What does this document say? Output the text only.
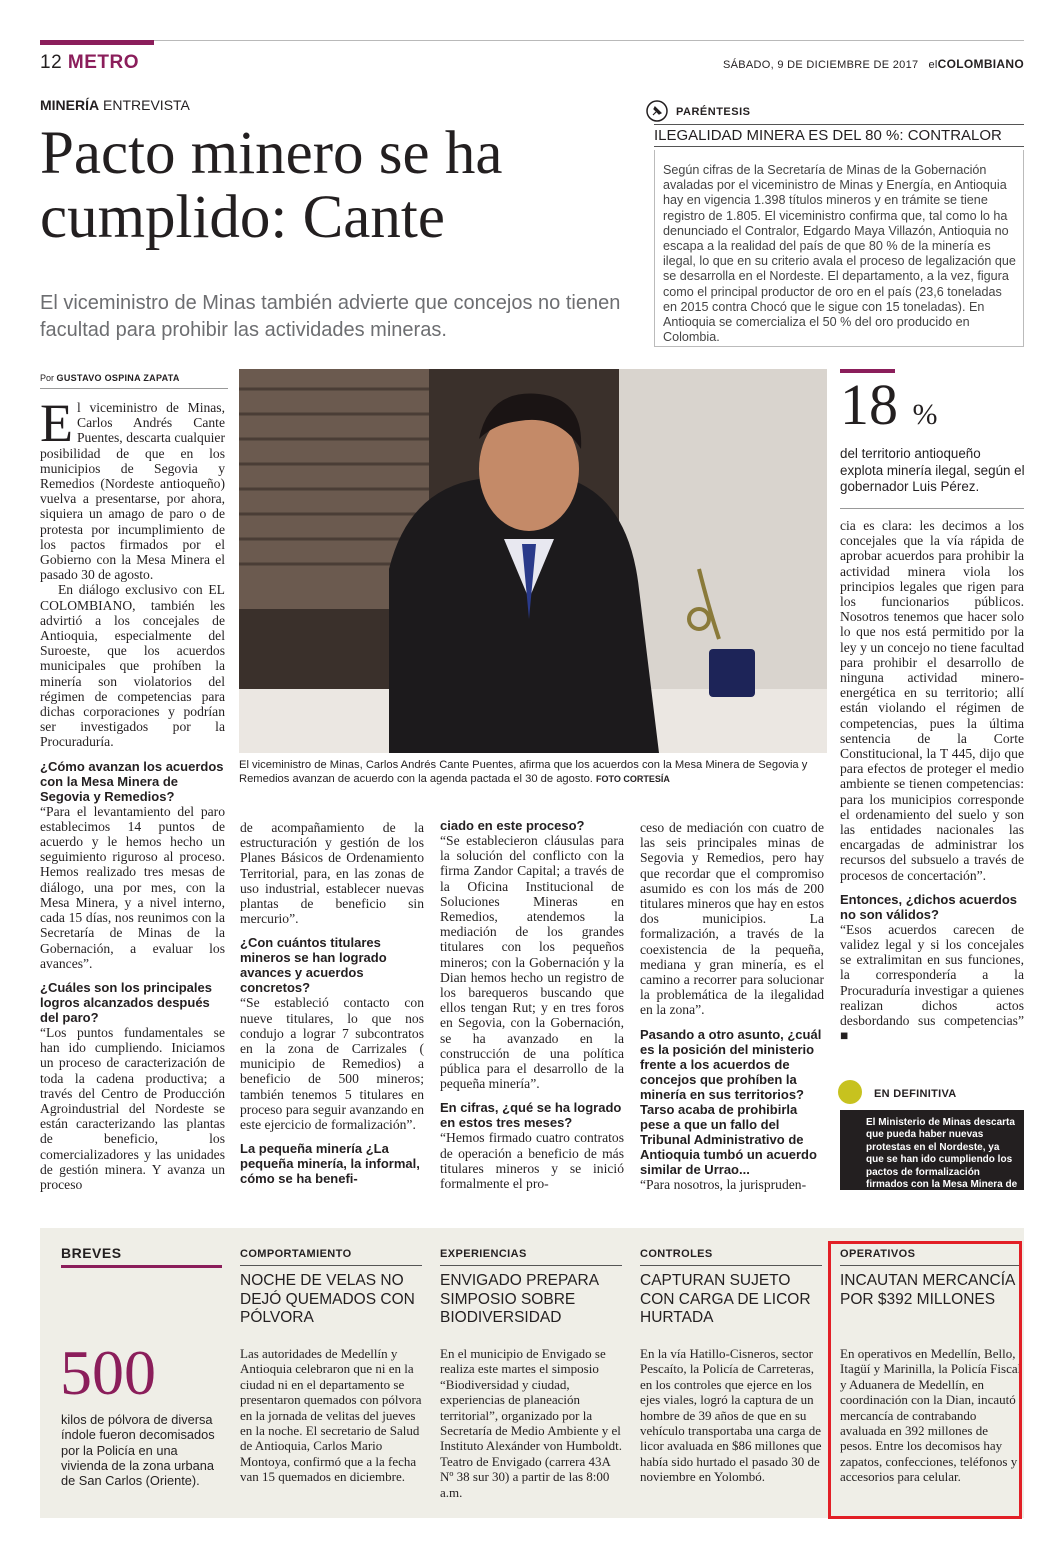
12 METRO	SÁBADO, 9 DE DICIEMBRE DE 2017 elCOLOMBIANO
MINERÍA ENTREVISTA
Pacto minero se ha
cumplido: Cante
El viceministro de Minas también advierte que concejos no tienen facultad para prohibir las actividades mineras.
PARÉNTESIS
ILEGALIDAD MINERA ES DEL 80 %: CONTRALOR
Según cifras de la Secretaría de Minas de la Gobernación avaladas por el viceministro de Minas y Energía, en Antioquia hay en vigencia 1.398 títulos mineros y en trámite se tiene registro de 1.805. El viceministro confirma que, tal como lo ha denunciado el Contralor, Edgardo Maya Villazón, Antioquia no escapa a la realidad del país de que 80 % de la minería es ilegal, lo que en su criterio avala el proceso de legalización que se desarrolla en el Nordeste. El departamento, a la vez, figura como el principal productor de oro en el país (23,6 toneladas en 2015 contra Chocó que le sigue con 15 toneladas). En Antioquia se comercializa el 50 % del oro producido en Colombia.
Por GUSTAVO OSPINA ZAPATA

El viceministro de Minas, Carlos Andrés Cante Puentes, descarta cualquier posibilidad de que en los municipios de Segovia y Remedios (Nordeste antioqueño) vuelva a presentarse, por ahora, siquiera un amago de paro o de protesta por incumplimiento de los pactos firmados por el Gobierno con la Mesa Minera el pasado 30 de agosto.

En diálogo exclusivo con EL COLOMBIANO, también les advirtió a los concejales de Antioquia, especialmente del Suroeste, que los acuerdos municipales que prohíben la minería son violatorios del régimen de competencias para dichas corporaciones y podrían ser investigados por la Procuraduría.

¿Cómo avanzan los acuerdos con la Mesa Minera de Segovia y Remedios?

“Para el levantamiento del paro establecimos 14 puntos de acuerdo y le hemos hecho un seguimiento riguroso al proceso. Hemos realizado tres mesas de diálogo, una por mes, con la Mesa Minera, y a nivel interno, cada 15 días, nos reunimos con la Secretaría de Minas de la Gobernación, a evaluar los avances”.

¿Cuáles son los principales logros alcanzados después del paro?

“Los puntos fundamentales se han ido cumpliendo. Iniciamos un proceso de caracterización de toda la cadena productiva; a través del Centro de Producción Agroindustrial del Nordeste se están caracterizando las plantas de beneficio, los comercializadores y las unidades de gestión minera. Y avanza un proceso

El viceministro de Minas, Carlos Andrés Cante Puentes, afirma que los acuerdos con la Mesa Minera de Segovia y Remedios avanzan de acuerdo con la agenda pactada el 30 de agosto. FOTO CORTESÍA
18 %
del territorio antioqueño explota minería ilegal, según el gobernador Luis Pérez.

de acompañamiento de la estructuración y gestión de los Planes Básicos de Ordenamiento Territorial, para, en las zonas de uso industrial, establecer nuevas plantas de beneficio sin mercurio”.

¿Con cuántos titulares mineros se han logrado avances y acuerdos concretos?

“Se estableció contacto con nueve titulares, lo que nos condujo a lograr 7 subcontratos en la zona de Carrizales ( municipio de Remedios) a beneficio de 500 mineros; también tenemos 5 titulares en proceso para seguir avanzando en este ejercicio de formalización”.

La pequeña minería ¿La pequeña minería, la informal, cómo se ha benefi-
ciado en este proceso?

“Se establecieron cláusulas para la solución del conflicto con la firma Zandor Capital; a través de la Oficina Institucional de Soluciones Mineras en Remedios, atendemos la mediación de los grandes titulares con los pequeños mineros; con la Gobernación y la Dian hemos hecho un registro de los barequeros buscando que ellos tengan Rut; y en tres foros en Segovia, con la Gobernación, se ha avanzado en la construcción de una política pública para el desarrollo de la pequeña minería”.

En cifras, ¿qué se ha logrado en estos tres meses?

“Hemos firmado cuatro contratos de operación a beneficio de más titulares mineros y se inició formalmente el pro-

ceso de mediación con cuatro de las seis principales minas de Segovia y Remedios, pero hay que recordar que el compromiso asumido es con los más de 200 titulares mineros que hay en estos dos municipios. La formalización, a través de la coexistencia de la pequeña, mediana y gran minería, es el camino a recorrer para solucionar la problemática de la ilegalidad en la zona”.

Pasando a otro asunto, ¿cuál es la posición del ministerio frente a los acuerdos de concejos que prohíben la minería en sus territorios? Tarso acaba de prohibirla pese a que un fallo del Tribunal Administrativo de Antioquia tumbó un acuerdo similar de Urrao...

“Para nosotros, la jurispruden-

cia es clara: les decimos a los concejales que la vía rápida de aprobar acuerdos para prohibir la actividad minera viola los principios legales que rigen para los funcionarios públicos. Nosotros tenemos que hacer solo lo que nos está permitido por la ley y un concejo no tiene facultad para prohibir el desarrollo de ninguna actividad minero-energética en su territorio; allí están violando el régimen de competencias, pues la última sentencia de la Corte Constitucional, la T 445, dijo que para efectos de proteger el medio ambiente se tienen competencias: para los municipios corresponde el ordenamiento del suelo y son las entidades nacionales las encargadas de administrar los recursos del subsuelo a través de procesos de concertación”.

Entonces, ¿dichos acuerdos no son válidos?

“Esos acuerdos carecen de validez legal y si los concejales se extralimitan en sus funciones, la correspondería a la Procuraduría investigar a quienes realizan dichos actos desbordando sus competencias” ■

EN DEFINITIVA
El Ministerio de Minas descarta que pueda haber nuevas protestas en el Nordeste, ya que se han ido cumpliendo los pactos de formalización firmados con la Mesa Minera de Segovia y Remedios.
BREVES
500
kilos de pólvora de diversa índole fueron decomisados por la Policía en una vivienda de la zona urbana de San Carlos (Oriente).
COMPORTAMIENTO
NOCHE DE VELAS NO DEJÓ QUEMADOS CON PÓLVORA
Las autoridades de Medellín y Antioquia celebraron que ni en la ciudad ni en el departamento se presentaron quemados con pólvora en la jornada de velitas del jueves en la noche. El secretario de Salud de Antioquia, Carlos Mario Montoya, confirmó que a la fecha van 15 quemados en diciembre.
EXPERIENCIAS
ENVIGADO PREPARA SIMPOSIO SOBRE BIODIVERSIDAD
En el municipio de Envigado se realiza este martes el simposio “Biodiversidad y ciudad, experiencias de planeación territorial”, organizado por la Secretaría de Medio Ambiente y el Instituto Alexánder von Humboldt. Teatro de Envigado (carrera 43A Nº 38 sur 30) a partir de las 8:00 a.m.
CONTROLES
CAPTURAN SUJETO CON CARGA DE LICOR HURTADA
En la vía Hatillo-Cisneros, sector Pescaíto, la Policía de Carreteras, en los controles que ejerce en los ejes viales, logró la captura de un hombre de 39 años de que en su vehículo transportaba una carga de licor avaluada en $86 millones que había sido hurtado el pasado 30 de noviembre en Yolombó.
OPERATIVOS
INCAUTAN MERCANCÍA POR $392 MILLONES
En operativos en Medellín, Bello, Itagüí y Marinilla, la Policía Fiscal y Aduanera de Medellín, en coordinación con la Dian, incautó mercancía de contrabando avaluada en 392 millones de pesos. Entre los decomisos hay zapatos, confecciones, teléfonos y accesorios para celular.
